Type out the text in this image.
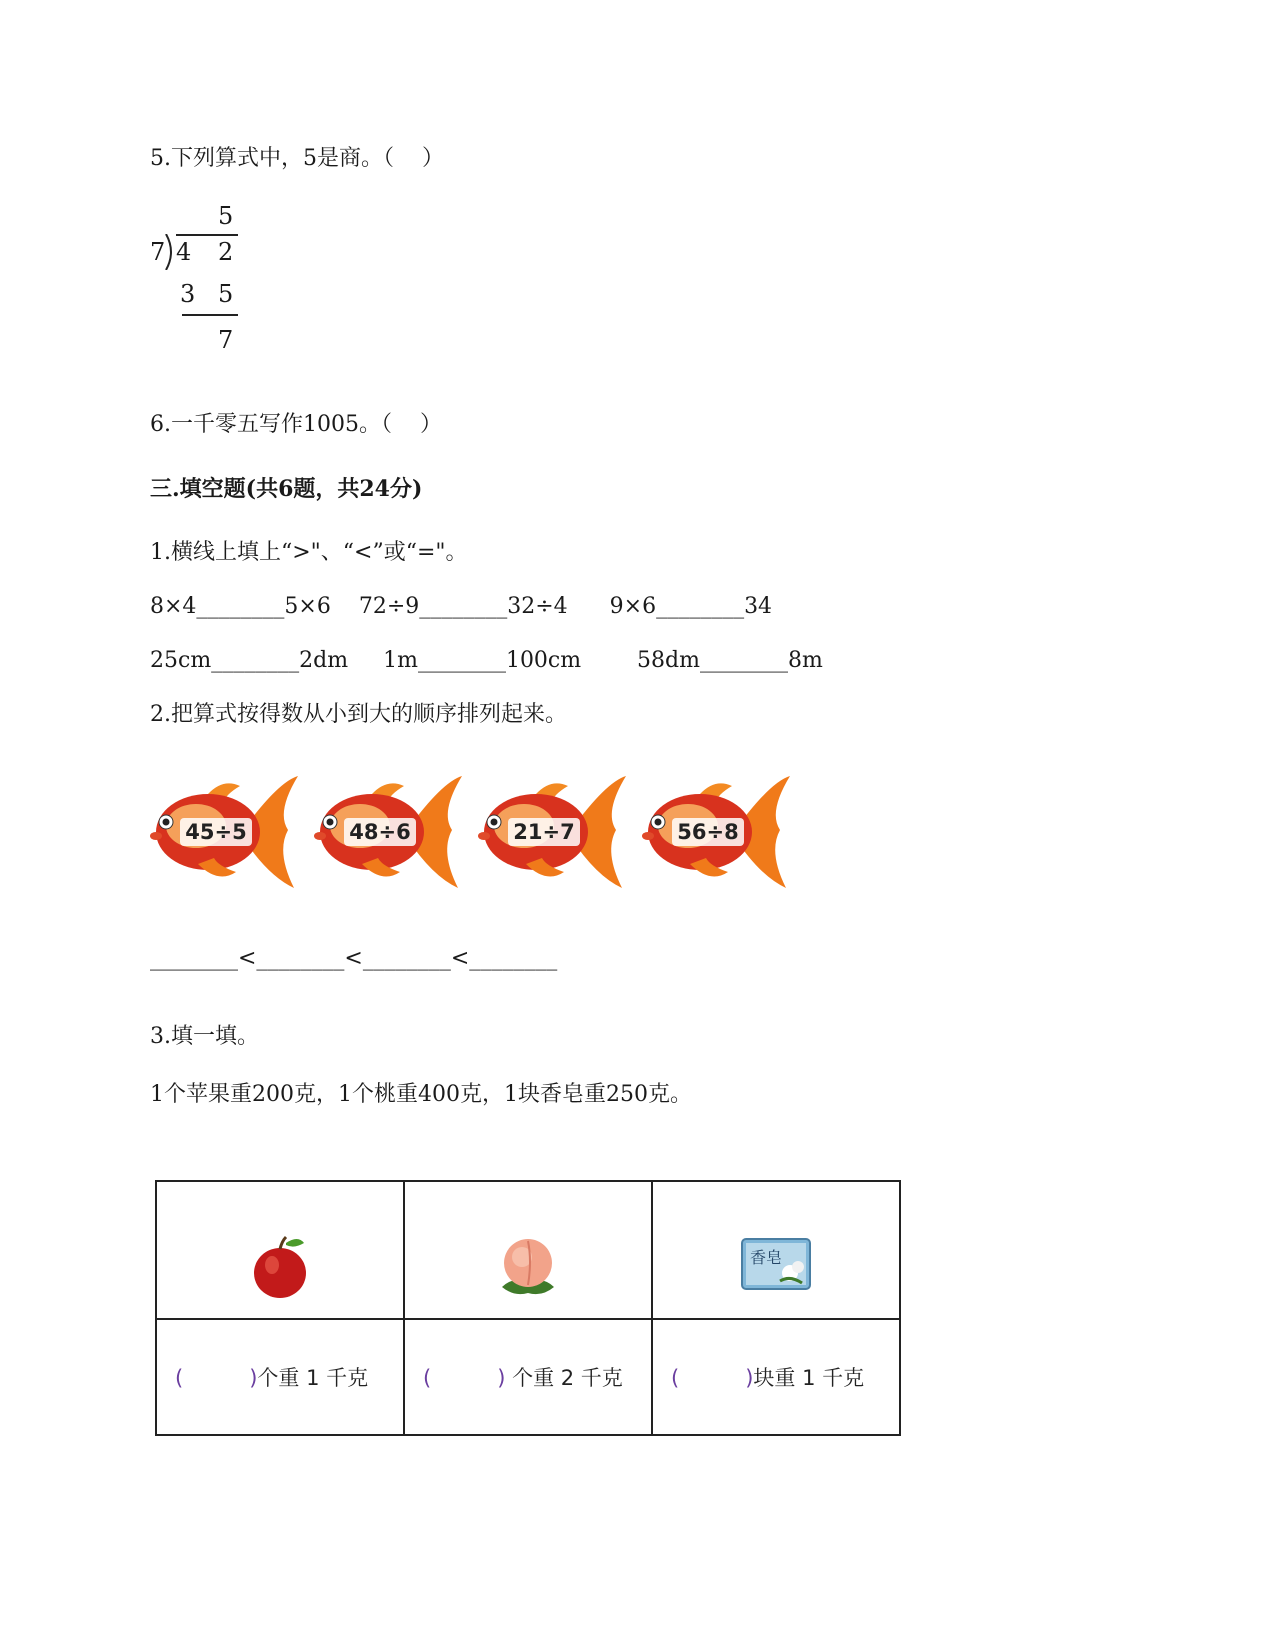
5.下列算式中，5是商。（    ）
5
7 4 2
3 5
7
6.一千零五写作1005。（    ）
三.填空题(共6题，共24分)
1.横线上填上“>"、“<”或“="。
8×4________5×6    72÷9________32÷4      9×6________34
25cm________2dm     1m________100cm        58dm________8m
2.把算式按得数从小到大的顺序排列起来。
45÷5	48÷6	21÷7	56÷8
________<________<________<________
3.填一填。
1个苹果重200克，1个桃重400克，1块香皂重250克。

香皂

( )个重 1 千克	( ) 个重 2 千克	( )块重 1 千克
